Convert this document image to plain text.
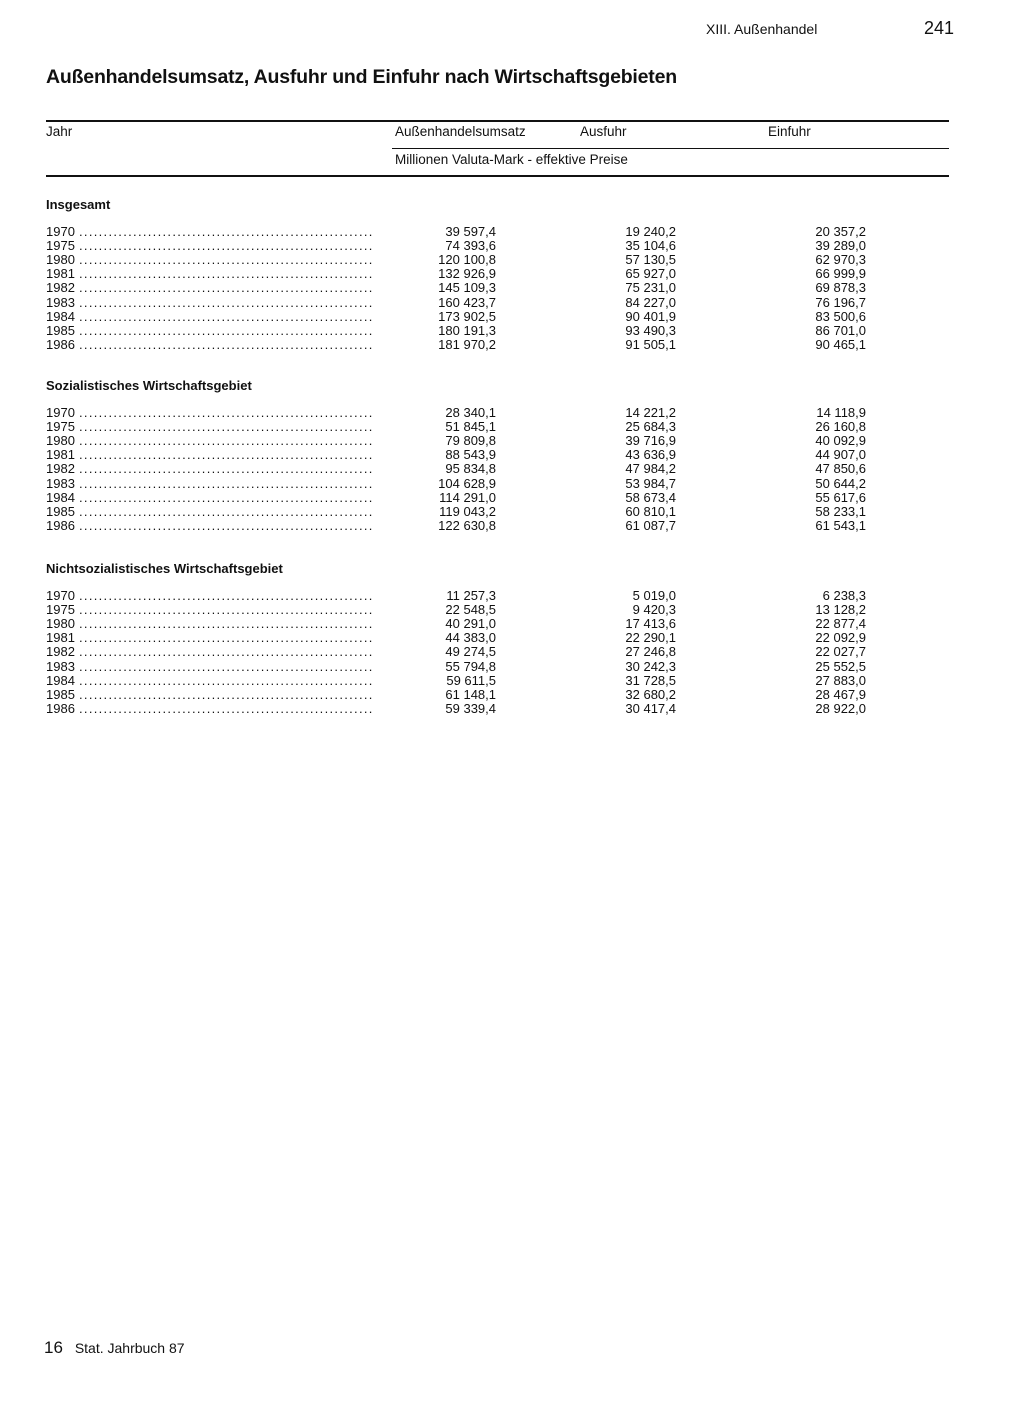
XIII. Außenhandel	241
Außenhandelsumsatz, Ausfuhr und Einfuhr nach Wirtschaftsgebieten
Jahr	Außenhandelsumsatz	Ausfuhr	Einfuhr
Millionen Valuta-Mark - effektive Preise
Insgesamt
1970 ............................................................	39 597,4	19 240,2	20 357,2
1975 ............................................................	74 393,6	35 104,6	39 289,0
1980 ............................................................	120 100,8	57 130,5	62 970,3
1981 ............................................................	132 926,9	65 927,0	66 999,9
1982 ............................................................	145 109,3	75 231,0	69 878,3
1983 ............................................................	160 423,7	84 227,0	76 196,7
1984 ............................................................	173 902,5	90 401,9	83 500,6
1985 ............................................................	180 191,3	93 490,3	86 701,0
1986 ............................................................	181 970,2	91 505,1	90 465,1
Sozialistisches Wirtschaftsgebiet
1970 ............................................................	28 340,1	14 221,2	14 118,9
1975 ............................................................	51 845,1	25 684,3	26 160,8
1980 ............................................................	79 809,8	39 716,9	40 092,9
1981 ............................................................	88 543,9	43 636,9	44 907,0
1982 ............................................................	95 834,8	47 984,2	47 850,6
1983 ............................................................	104 628,9	53 984,7	50 644,2
1984 ............................................................	114 291,0	58 673,4	55 617,6
1985 ............................................................	119 043,2	60 810,1	58 233,1
1986 ............................................................	122 630,8	61 087,7	61 543,1
Nichtsozialistisches Wirtschaftsgebiet
1970 ............................................................	11 257,3	5 019,0	6 238,3
1975 ............................................................	22 548,5	9 420,3	13 128,2
1980 ............................................................	40 291,0	17 413,6	22 877,4
1981 ............................................................	44 383,0	22 290,1	22 092,9
1982 ............................................................	49 274,5	27 246,8	22 027,7
1983 ............................................................	55 794,8	30 242,3	25 552,5
1984 ............................................................	59 611,5	31 728,5	27 883,0
1985 ............................................................	61 148,1	32 680,2	28 467,9
1986 ............................................................	59 339,4	30 417,4	28 922,0
16 Stat. Jahrbuch 87
